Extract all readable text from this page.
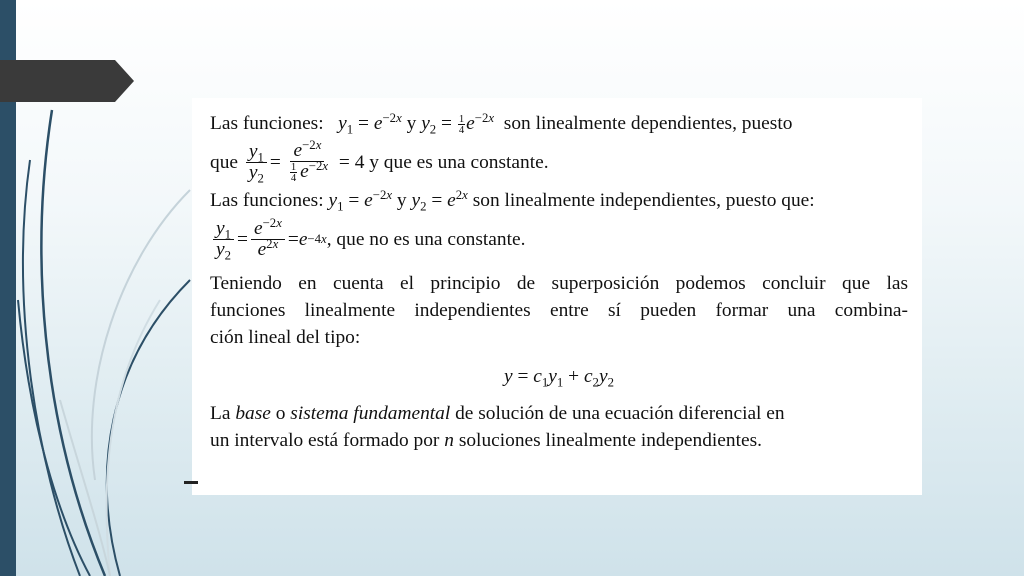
Las funciones:   $y_1 = e^{-2x}$ y $y_2 = \frac{1}{4} e^{-2x}$ son linealmente dependientes, puesto
que
$\frac{y_1}{y_2} = \frac{e^{-2x}}{\frac{1}{4} e^{-2x}}$
= 4
y que es una constante.
Las funciones: $y_1 = e^{-2x}$ y $y_2 = e^{2x}$ son linealmente independientes, puesto que:
$\frac{y_1}{y_2} = \frac{e^{-2x}}{e^{2x}} = e -4x$ , que no es una constante.
Teniendo en cuenta el principio de superposición podemos concluir que las
funciones linealmente independientes entre sí pueden formar una combina-
ción lineal del tipo:
$y = c_1y_1 + c_2y_2$
La base o sistema fundamental de solución de una ecuación diferencial en
un intervalo está formado por n soluciones linealmente independientes.
